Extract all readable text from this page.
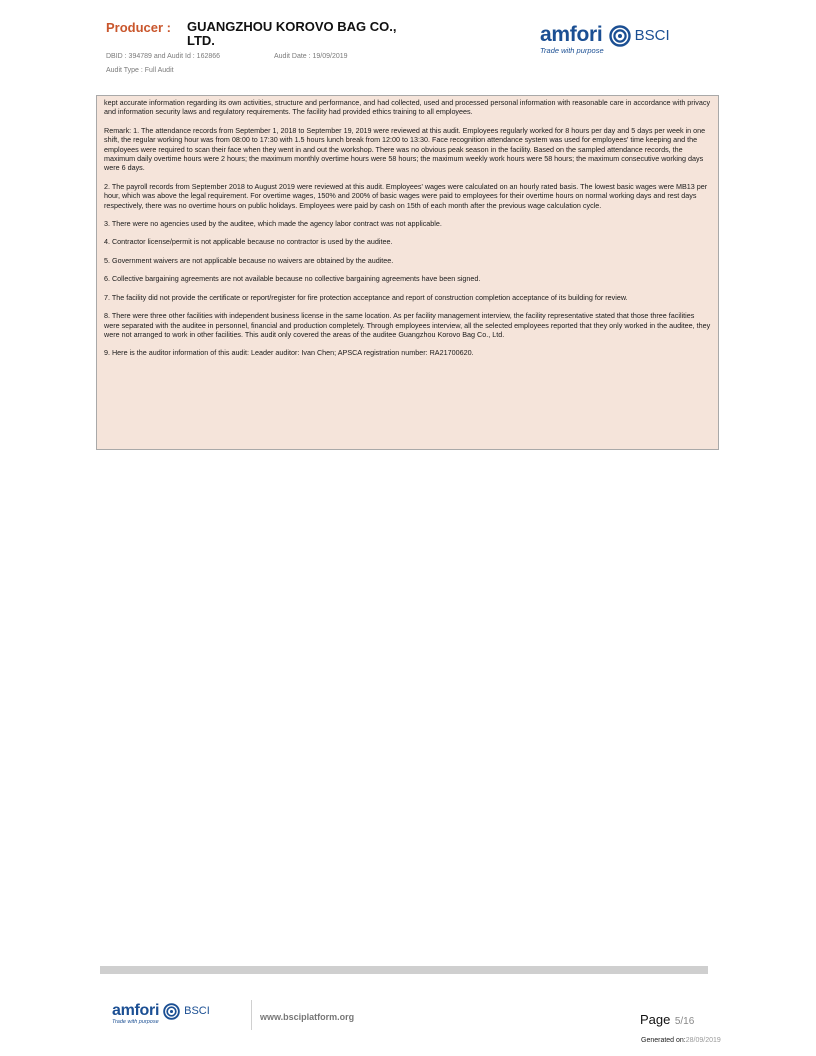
Producer : GUANGZHOU KOROVO BAG CO., LTD.
DBID : 394789 and Audit Id : 162866	Audit Date : 19/09/2019
Audit Type : Full Audit
amfori
Trade with purpose
BSCI

kept accurate information regarding its own activities, structure and performance, and had collected, used and processed personal information with reasonable care in accordance with privacy and information security laws and regulatory requirements. The facility had provided ethics training to all employees.

Remark: 1. The attendance records from September 1, 2018 to September 19, 2019 were reviewed at this audit. Employees regularly worked for 8 hours per day and 5 days per week in one shift, the regular working hour was from 08:00 to 17:30 with 1.5 hours lunch break from 12:00 to 13:30. Face recognition attendance system was used for employees' time keeping and the employees were required to scan their face when they went in and out the workshop. There was no obvious peak season in the facility. Based on the sampled attendance records, the maximum daily overtime hours were 2 hours; the maximum monthly overtime hours were 58 hours; the maximum weekly work hours were 58 hours; the maximum consecutive working days were 6 days.

2. The payroll records from September 2018 to August 2019 were reviewed at this audit. Employees' wages were calculated on an hourly rated basis. The lowest basic wages were MB13 per hour, which was above the legal requirement. For overtime wages, 150% and 200% of basic wages were paid to employees for their overtime hours on normal working days and rest days respectively, there was no overtime hours on public holidays. Employees were paid by cash on 15th of each month after the previous wage calculation cycle.

3. There were no agencies used by the auditee, which made the agency labor contract was not applicable.

4. Contractor license/permit is not applicable because no contractor is used by the auditee.

5. Government waivers are not applicable because no waivers are obtained by the auditee.

6. Collective bargaining agreements are not available because no collective bargaining agreements have been signed.

7. The facility did not provide the certificate or report/register for fire protection acceptance and report of construction completion acceptance of its building for review.

8. There were three other facilities with independent business license in the same location. As per facility management interview, the facility representative stated that those three facilities were separated with the auditee in personnel, financial and production completely. Through employees interview, all the selected employees reported that they only worked in the auditee, they were not arranged to work in other facilities. This audit only covered the areas of the auditee Guangzhou Korovo Bag Co., Ltd.

9. Here is the auditor information of this audit: Leader auditor: Ivan Chen; APSCA registration number: RA21700620.

amfori
Trade with purpose
BSCI	www.bsciplatform.org	Page 5/16
Generated on:28/09/2019
